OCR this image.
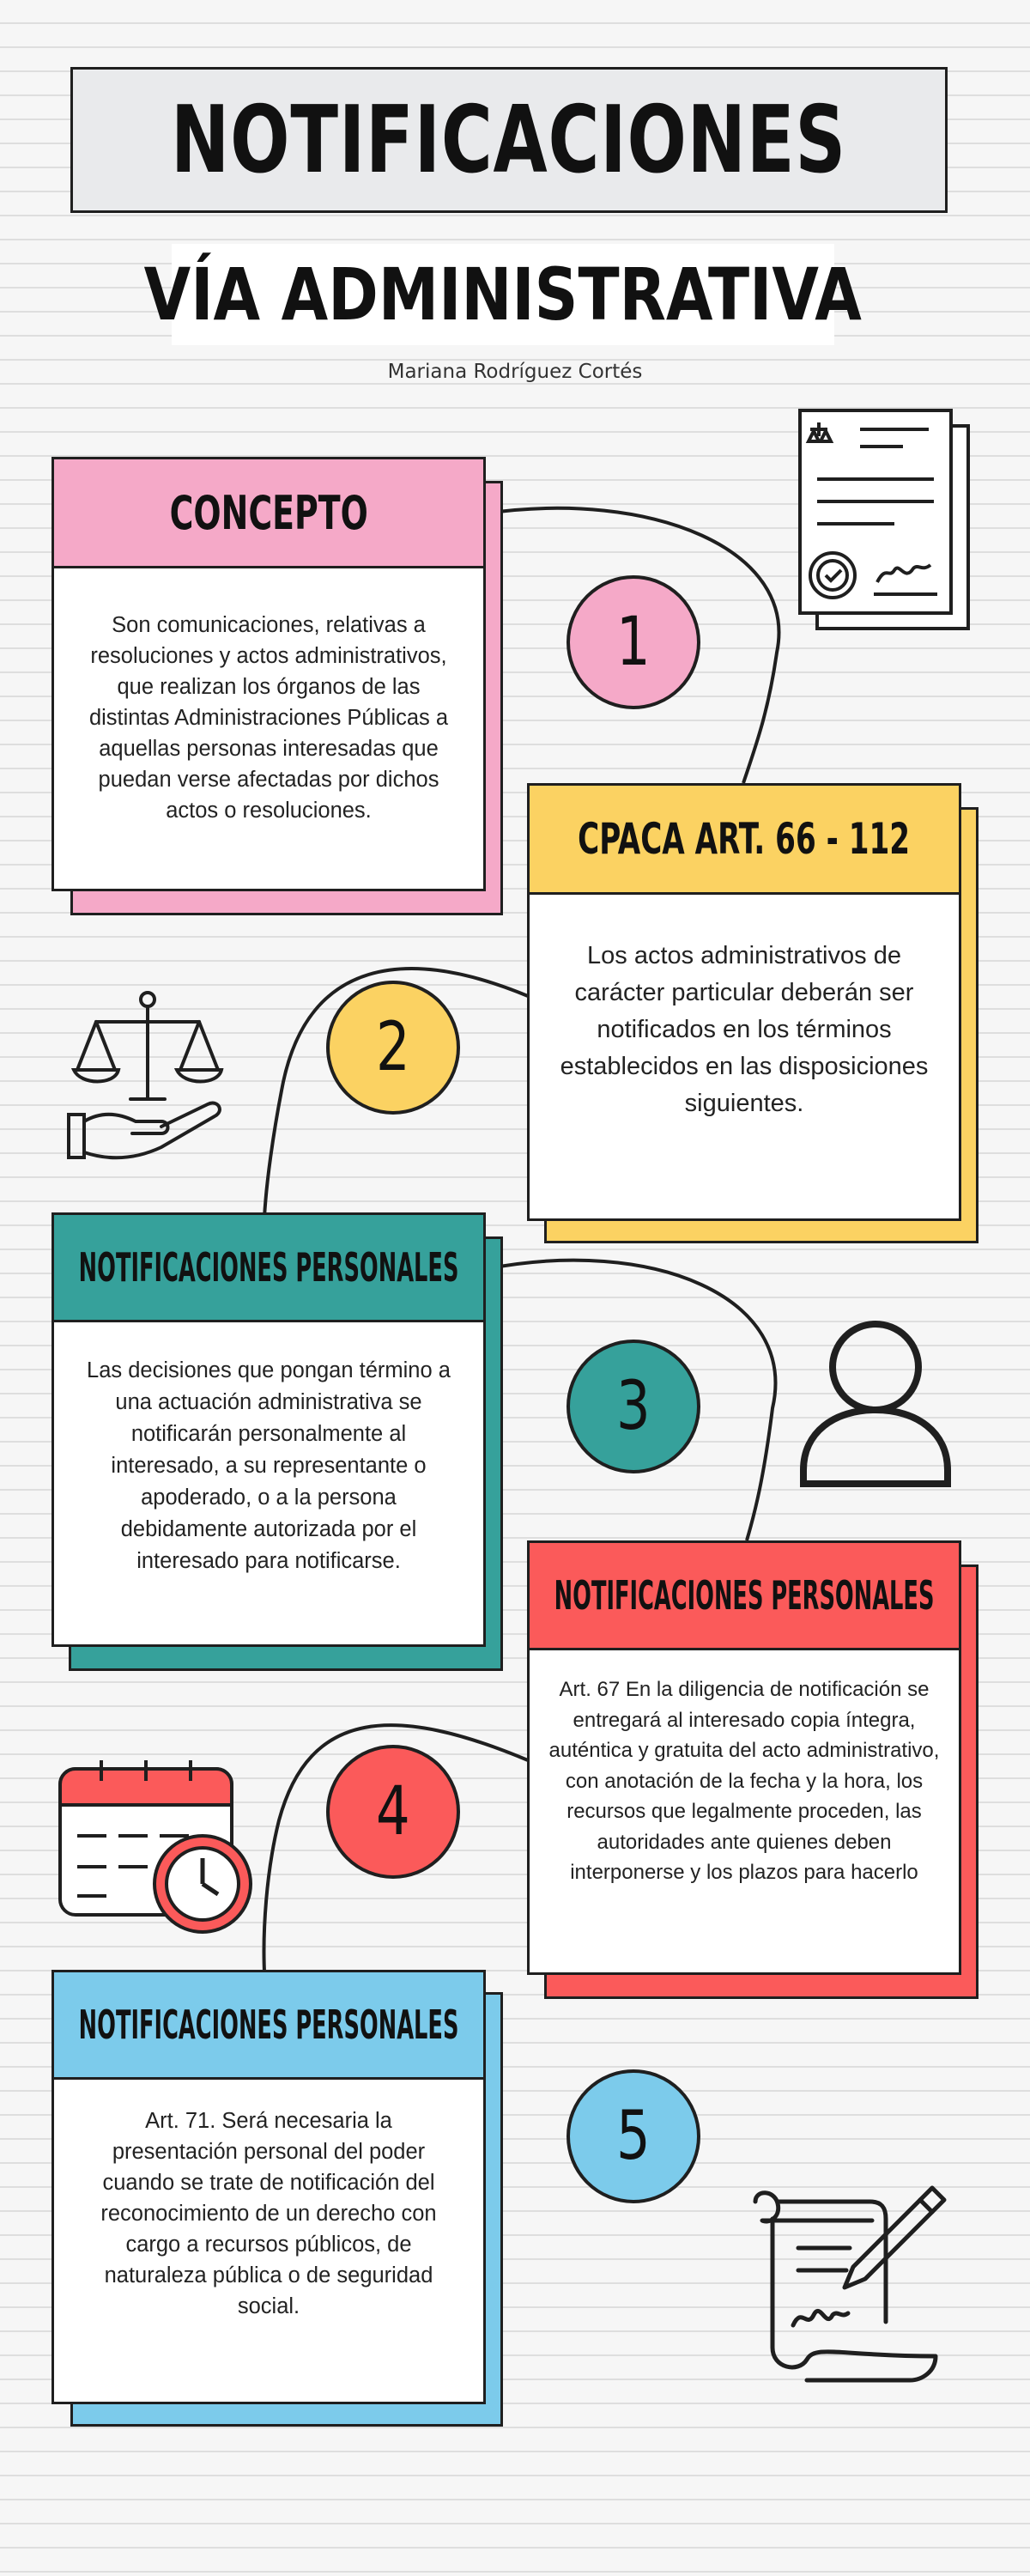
NOTIFICACIONES
VÍA ADMINISTRATIVA
Mariana Rodríguez Cortés
CONCEPTO
Son comunicaciones, relativas a resoluciones y actos administrativos, que realizan los órganos de las distintas Administraciones Públicas a aquellas personas interesadas que puedan verse afectadas por dichos actos o resoluciones.
CPACA ART. 66 - 112
Los actos administrativos de carácter particular deberán ser notificados en los términos establecidos en las disposiciones siguientes.
NOTIFICACIONES PERSONALES
Las decisiones que pongan término a una actuación administrativa se notificarán personalmente al interesado, a su representante o apoderado, o a la persona debidamente autorizada por el interesado para notificarse.
NOTIFICACIONES PERSONALES
Art. 67 En la diligencia de notificación se entregará al interesado copia íntegra, auténtica y gratuita del acto administrativo, con anotación de la fecha y la hora, los recursos que legalmente proceden, las autoridades ante quienes deben interponerse y los plazos para hacerlo
NOTIFICACIONES PERSONALES
Art. 71. Será necesaria la presentación personal del poder cuando se trate de notificación del reconocimiento de un derecho con cargo a recursos públicos, de naturaleza pública o de seguridad social.
1
2
3
4
5
